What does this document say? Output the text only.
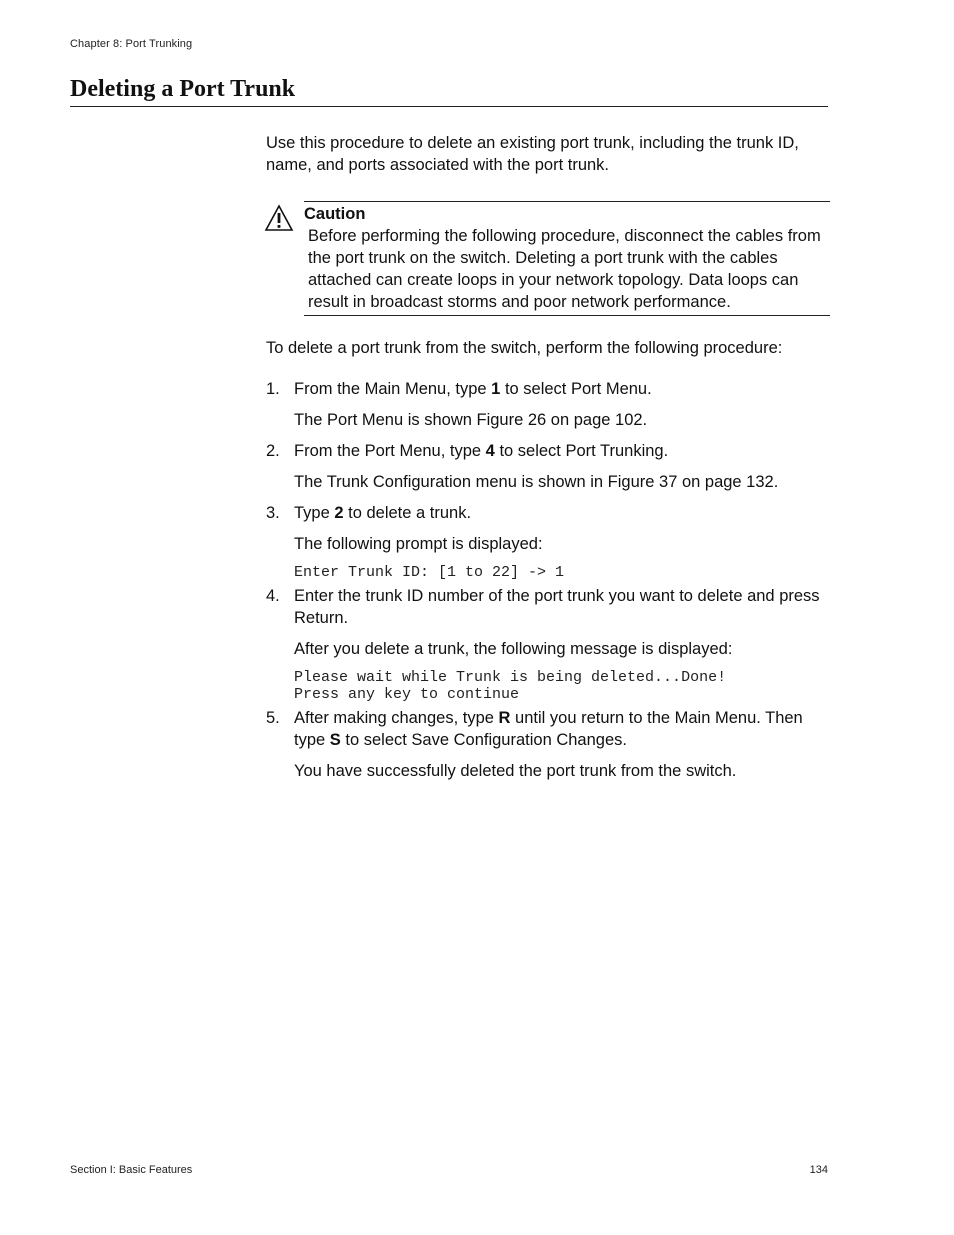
Chapter 8: Port Trunking
Deleting a Port Trunk

Use this procedure to delete an existing port trunk, including the trunk ID, name, and ports associated with the port trunk.

Caution
Before performing the following procedure, disconnect the cables from the port trunk on the switch. Deleting a port trunk with the cables attached can create loops in your network topology. Data loops can result in broadcast storms and poor network performance.

To delete a port trunk from the switch, perform the following procedure:

1. From the Main Menu, type 1 to select Port Menu.
The Port Menu is shown Figure 26 on page 102.
2. From the Port Menu, type 4 to select Port Trunking.
The Trunk Configuration menu is shown in Figure 37 on page 132.
3. Type 2 to delete a trunk.
The following prompt is displayed:
Enter Trunk ID: [1 to 22] -> 1
4. Enter the trunk ID number of the port trunk you want to delete and press Return.
After you delete a trunk, the following message is displayed:
Please wait while Trunk is being deleted...Done!
Press any key to continue
5. After making changes, type R until you return to the Main Menu. Then type S to select Save Configuration Changes.
You have successfully deleted the port trunk from the switch.
Section I: Basic Features	134
